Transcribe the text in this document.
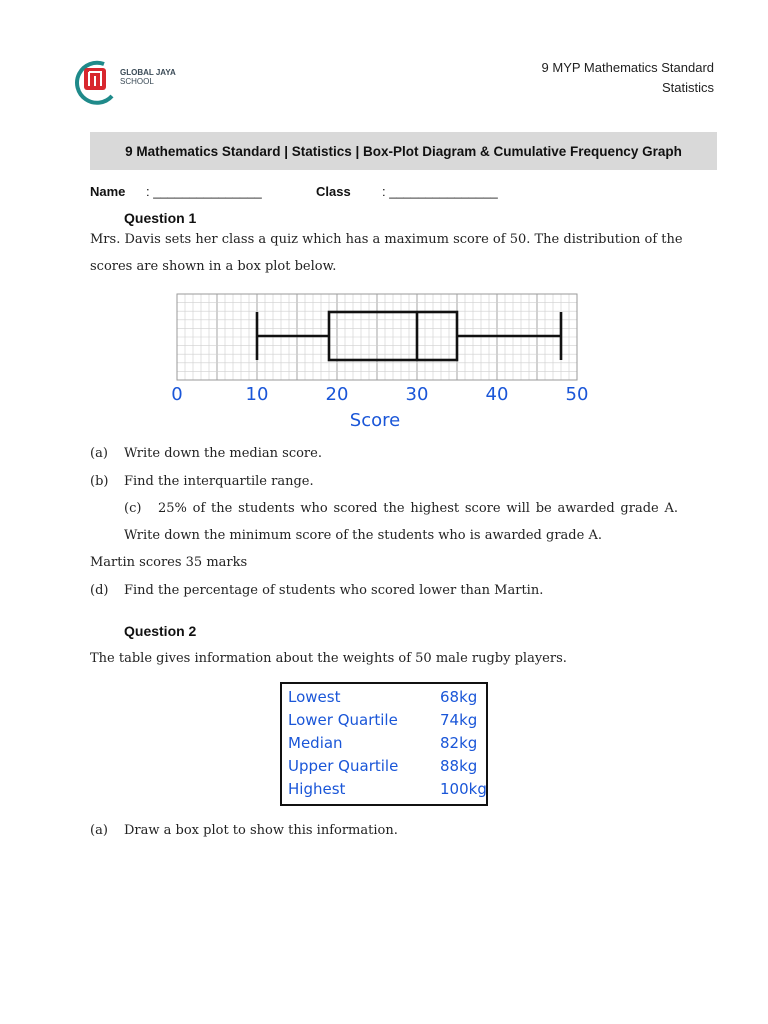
GLOBAL JAYA
SCHOOL
9 MYP Mathematics Standard
Statistics
9 Mathematics Standard | Statistics | Box-Plot Diagram & Cumulative Frequency Graph
Name : _______________	Class : _______________
Question 1
Mrs. Davis sets her class a quiz which has a maximum score of 50. The distribution of the
scores are shown in a box plot below.
0	10	20	30	40	50
Score
(a) Write down the median score.
(b) Find the interquartile range.
(c) 25% of the students who scored the highest score will be awarded grade A.
Write down the minimum score of the students who is awarded grade A.
Martin scores 35 marks
(d) Find the percentage of students who scored lower than Martin.
Question 2
The table gives information about the weights of 50 male rugby players.
Lowest	68kg
Lower Quartile	74kg
Median	82kg
Upper Quartile	88kg
Highest	100kg
(a) Draw a box plot to show this information.
